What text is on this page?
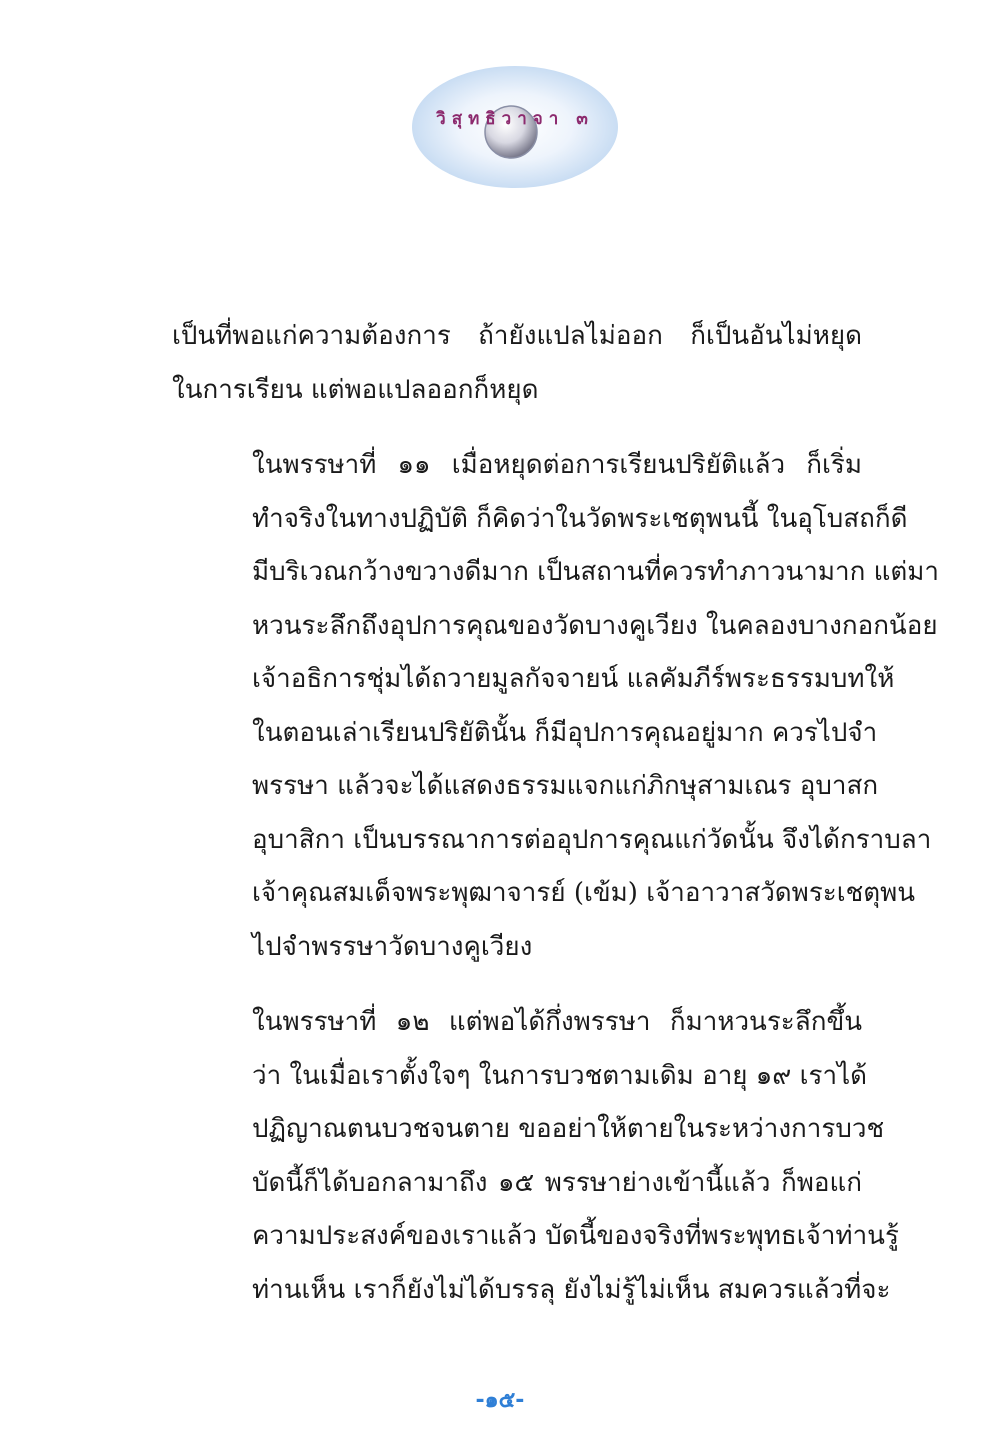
วิสุทธิวาจา ๓

เป็นที่พอแก่ความต้องการ ถ้ายังแปลไม่ออก ก็เป็นอันไม่หยุด
ในการเรียน แต่พอแปลออกก็หยุด

ในพรรษาที่ ๑๑ เมื่อหยุดต่อการเรียนปริยัติแล้ว ก็เริ่ม
ทำจริงในทางปฏิบัติ ก็คิดว่าในวัดพระเชตุพนนี้ ในอุโบสถก็ดี
มีบริเวณกว้างขวางดีมาก เป็นสถานที่ควรทำภาวนามาก แต่มา
หวนระลึกถึงอุปการคุณของวัดบางคูเวียง ในคลองบางกอกน้อย
เจ้าอธิการชุ่มได้ถวายมูลกัจจายน์ แลคัมภีร์พระธรรมบทให้
ในตอนเล่าเรียนปริยัตินั้น ก็มีอุปการคุณอยู่มาก ควรไปจำ
พรรษา แล้วจะได้แสดงธรรมแจกแก่ภิกษุสามเณร อุบาสก
อุบาสิกา เป็นบรรณาการต่ออุปการคุณแก่วัดนั้น จึงได้กราบลา
เจ้าคุณสมเด็จพระพุฒาจารย์ (เข้ม) เจ้าอาวาสวัดพระเชตุพน
ไปจำพรรษาวัดบางคูเวียง

ในพรรษาที่ ๑๒ แต่พอได้กึ่งพรรษา ก็มาหวนระลึกขึ้น
ว่า ในเมื่อเราตั้งใจๆ ในการบวชตามเดิม อายุ ๑๙ เราได้
ปฏิญาณตนบวชจนตาย ขออย่าให้ตายในระหว่างการบวช
บัดนี้ก็ได้บอกลามาถึง ๑๕ พรรษาย่างเข้านี้แล้ว ก็พอแก่
ความประสงค์ของเราแล้ว บัดนี้ของจริงที่พระพุทธเจ้าท่านรู้
ท่านเห็น เราก็ยังไม่ได้บรรลุ ยังไม่รู้ไม่เห็น สมควรแล้วที่จะ

-๑๕-
